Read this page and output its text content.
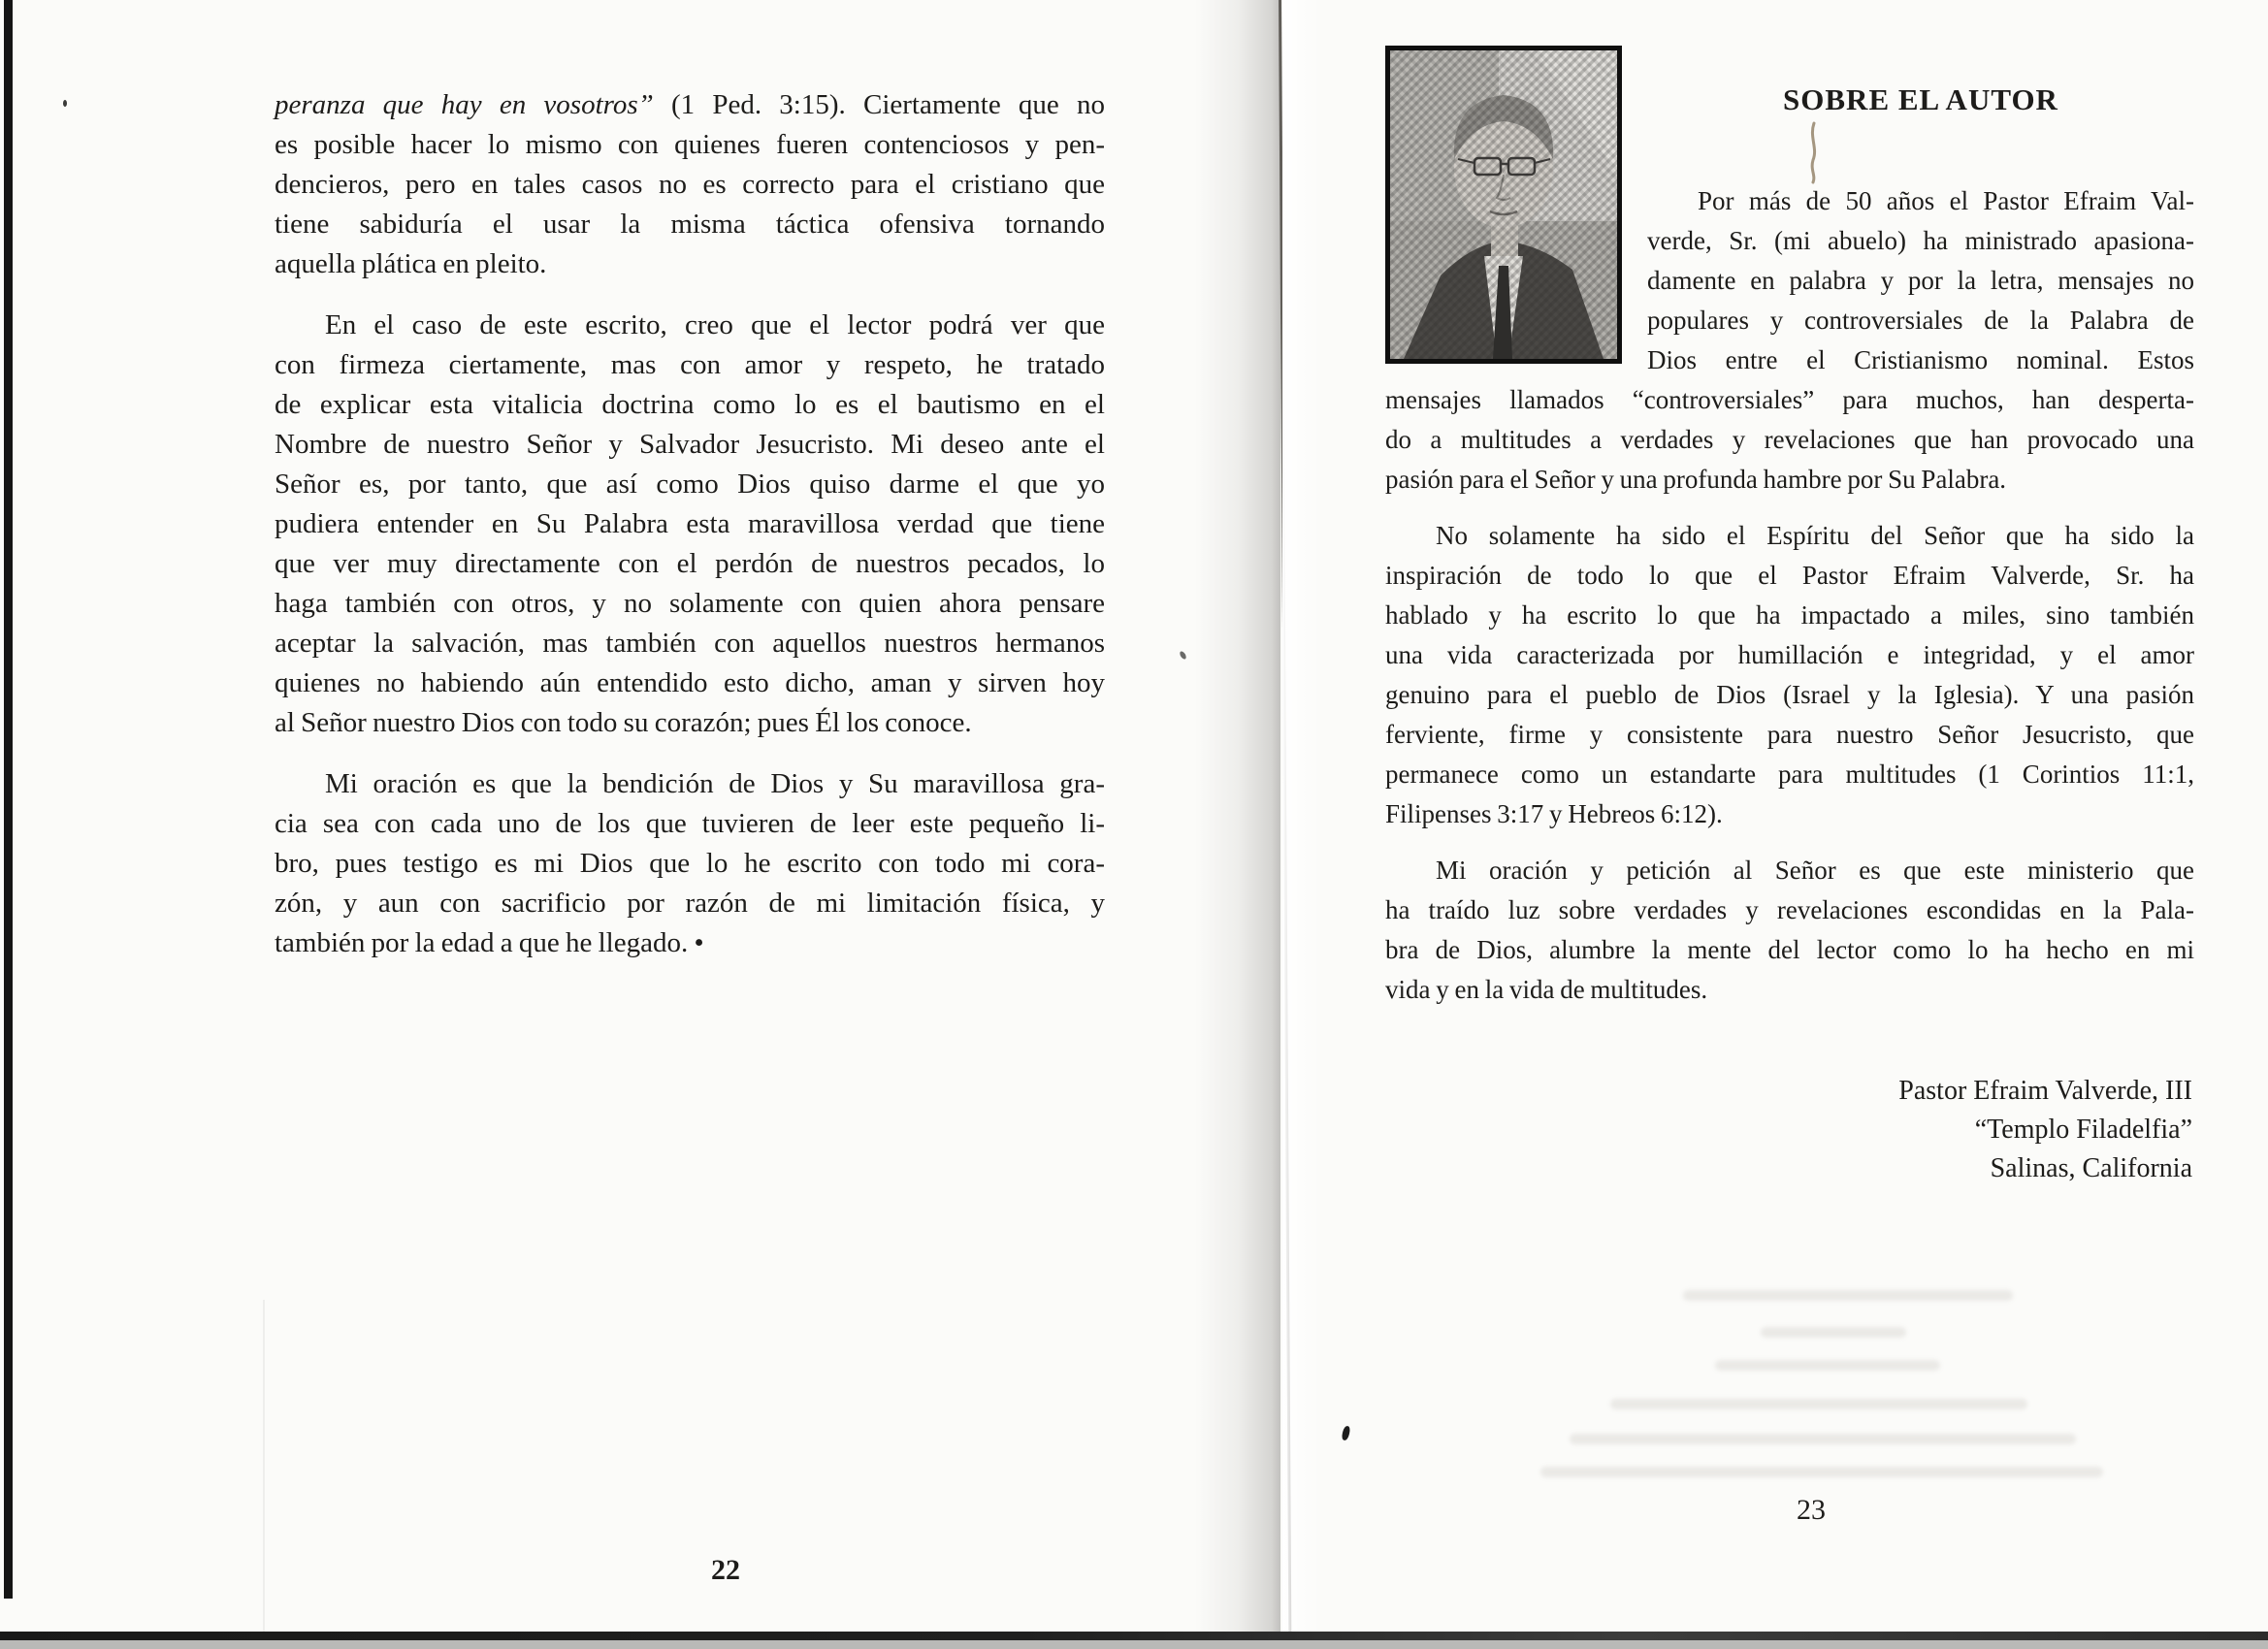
peranza que hay en vosotros” (1 Ped. 3:15). Ciertamente que no
es posible hacer lo mismo con quienes fueren contenciosos y pen-
dencieros, pero en tales casos no es correcto para el cristiano que
tiene sabiduría el usar la misma táctica ofensiva tornando
aquella plática en pleito.
En el caso de este escrito, creo que el lector podrá ver que
con firmeza ciertamente, mas con amor y respeto, he tratado
de explicar esta vitalicia doctrina como lo es el bautismo en el
Nombre de nuestro Señor y Salvador Jesucristo. Mi deseo ante el
Señor es, por tanto, que así como Dios quiso darme el que yo
pudiera entender en Su Palabra esta maravillosa verdad que tiene
que ver muy directamente con el perdón de nuestros pecados, lo
haga también con otros, y no solamente con quien ahora pensare
aceptar la salvación, mas también con aquellos nuestros hermanos
quienes no habiendo aún entendido esto dicho, aman y sirven hoy
al Señor nuestro Dios con todo su corazón; pues Él los conoce.
Mi oración es que la bendición de Dios y Su maravillosa gra-
cia sea con cada uno de los que tuvieren de leer este pequeño li-
bro, pues testigo es mi Dios que lo he escrito con todo mi cora-
zón, y aun con sacrificio por razón de mi limitación física, y
también por la edad a que he llegado. •
22
SOBRE EL AUTOR
Por más de 50 años el Pastor Efraim Val-
verde, Sr. (mi abuelo) ha ministrado apasiona-
damente en palabra y por la letra, mensajes no
populares y controversiales de la Palabra de
Dios entre el Cristianismo nominal. Estos
mensajes llamados “controversiales” para muchos, han desperta-
do a multitudes a verdades y revelaciones que han provocado una
pasión para el Señor y una profunda hambre por Su Palabra.
No solamente ha sido el Espíritu del Señor que ha sido la
inspiración de todo lo que el Pastor Efraim Valverde, Sr. ha
hablado y ha escrito lo que ha impactado a miles, sino también
una vida caracterizada por humillación e integridad, y el amor
genuino para el pueblo de Dios (Israel y la Iglesia). Y una pasión
ferviente, firme y consistente para nuestro Señor Jesucristo, que
permanece como un estandarte para multitudes (1 Corintios 11:1,
Filipenses 3:17 y Hebreos 6:12).
Mi oración y petición al Señor es que este ministerio que
ha traído luz sobre verdades y revelaciones escondidas en la Pala-
bra de Dios, alumbre la mente del lector como lo ha hecho en mi
vida y en la vida de multitudes.
Pastor Efraim Valverde, III
“Templo Filadelfia”
Salinas, California
23
